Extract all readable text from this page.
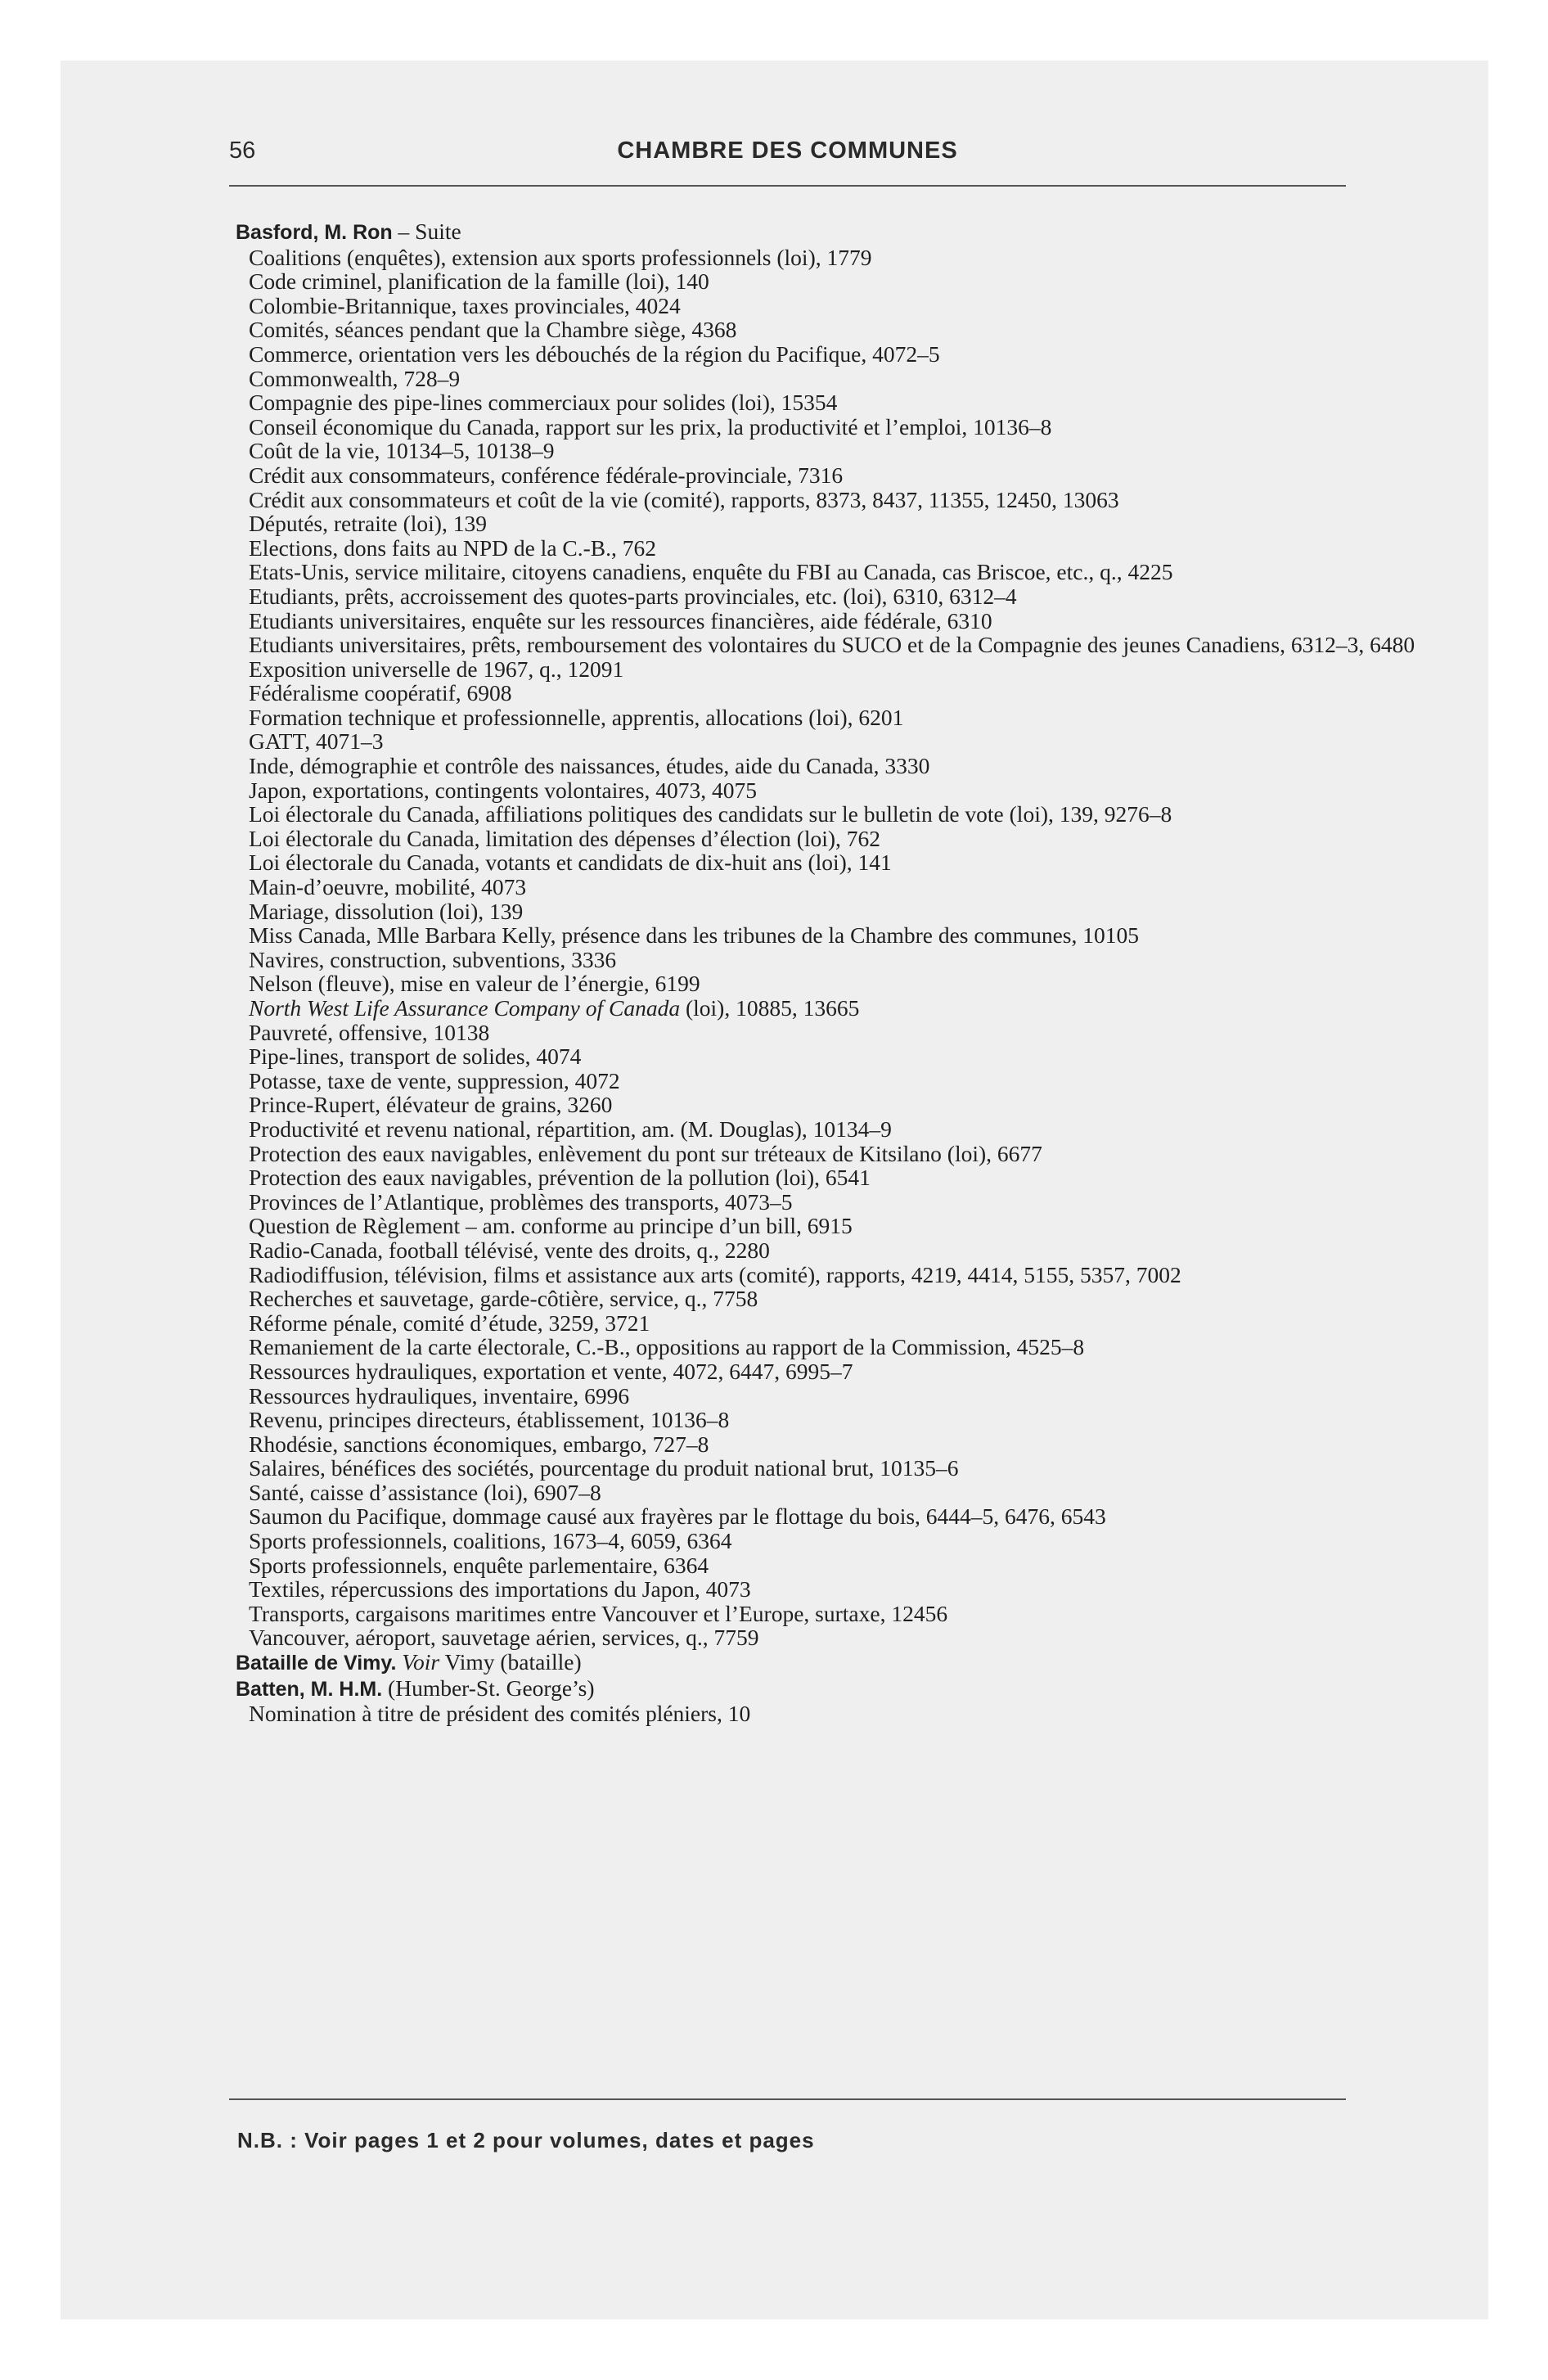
56	CHAMBRE DES COMMUNES
Basford, M. Ron – Suite
Coalitions (enquêtes), extension aux sports professionnels (loi), 1779
Code criminel, planification de la famille (loi), 140
Colombie-Britannique, taxes provinciales, 4024
Comités, séances pendant que la Chambre siège, 4368
Commerce, orientation vers les débouchés de la région du Pacifique, 4072–5
Commonwealth, 728–9
Compagnie des pipe-lines commerciaux pour solides (loi), 15354
Conseil économique du Canada, rapport sur les prix, la productivité et l’emploi, 10136–8
Coût de la vie, 10134–5, 10138–9
Crédit aux consommateurs, conférence fédérale-provinciale, 7316
Crédit aux consommateurs et coût de la vie (comité), rapports, 8373, 8437, 11355, 12450, 13063
Députés, retraite (loi), 139
Elections, dons faits au NPD de la C.-B., 762
Etats-Unis, service militaire, citoyens canadiens, enquête du FBI au Canada, cas Briscoe, etc., q., 4225
Etudiants, prêts, accroissement des quotes-parts provinciales, etc. (loi), 6310, 6312–4
Etudiants universitaires, enquête sur les ressources financières, aide fédérale, 6310
Etudiants universitaires, prêts, remboursement des volontaires du SUCO et de la Compagnie des jeunes Canadiens, 6312–3, 6480
Exposition universelle de 1967, q., 12091
Fédéralisme coopératif, 6908
Formation technique et professionnelle, apprentis, allocations (loi), 6201
GATT, 4071–3
Inde, démographie et contrôle des naissances, études, aide du Canada, 3330
Japon, exportations, contingents volontaires, 4073, 4075
Loi électorale du Canada, affiliations politiques des candidats sur le bulletin de vote (loi), 139, 9276–8
Loi électorale du Canada, limitation des dépenses d’élection (loi), 762
Loi électorale du Canada, votants et candidats de dix-huit ans (loi), 141
Main-d’oeuvre, mobilité, 4073
Mariage, dissolution (loi), 139
Miss Canada, Mlle Barbara Kelly, présence dans les tribunes de la Chambre des communes, 10105
Navires, construction, subventions, 3336
Nelson (fleuve), mise en valeur de l’énergie, 6199
North West Life Assurance Company of Canada (loi), 10885, 13665
Pauvreté, offensive, 10138
Pipe-lines, transport de solides, 4074
Potasse, taxe de vente, suppression, 4072
Prince-Rupert, élévateur de grains, 3260
Productivité et revenu national, répartition, am. (M. Douglas), 10134–9
Protection des eaux navigables, enlèvement du pont sur tréteaux de Kitsilano (loi), 6677
Protection des eaux navigables, prévention de la pollution (loi), 6541
Provinces de l’Atlantique, problèmes des transports, 4073–5
Question de Règlement – am. conforme au principe d’un bill, 6915
Radio-Canada, football télévisé, vente des droits, q., 2280
Radiodiffusion, télévision, films et assistance aux arts (comité), rapports, 4219, 4414, 5155, 5357, 7002
Recherches et sauvetage, garde-côtière, service, q., 7758
Réforme pénale, comité d’étude, 3259, 3721
Remaniement de la carte électorale, C.-B., oppositions au rapport de la Commission, 4525–8
Ressources hydrauliques, exportation et vente, 4072, 6447, 6995–7
Ressources hydrauliques, inventaire, 6996
Revenu, principes directeurs, établissement, 10136–8
Rhodésie, sanctions économiques, embargo, 727–8
Salaires, bénéfices des sociétés, pourcentage du produit national brut, 10135–6
Santé, caisse d’assistance (loi), 6907–8
Saumon du Pacifique, dommage causé aux frayères par le flottage du bois, 6444–5, 6476, 6543
Sports professionnels, coalitions, 1673–4, 6059, 6364
Sports professionnels, enquête parlementaire, 6364
Textiles, répercussions des importations du Japon, 4073
Transports, cargaisons maritimes entre Vancouver et l’Europe, surtaxe, 12456
Vancouver, aéroport, sauvetage aérien, services, q., 7759
Bataille de Vimy. Voir Vimy (bataille)
Batten, M. H.M. (Humber-St. George’s)
Nomination à titre de président des comités pléniers, 10
N.B. : Voir pages 1 et 2 pour volumes, dates et pages
